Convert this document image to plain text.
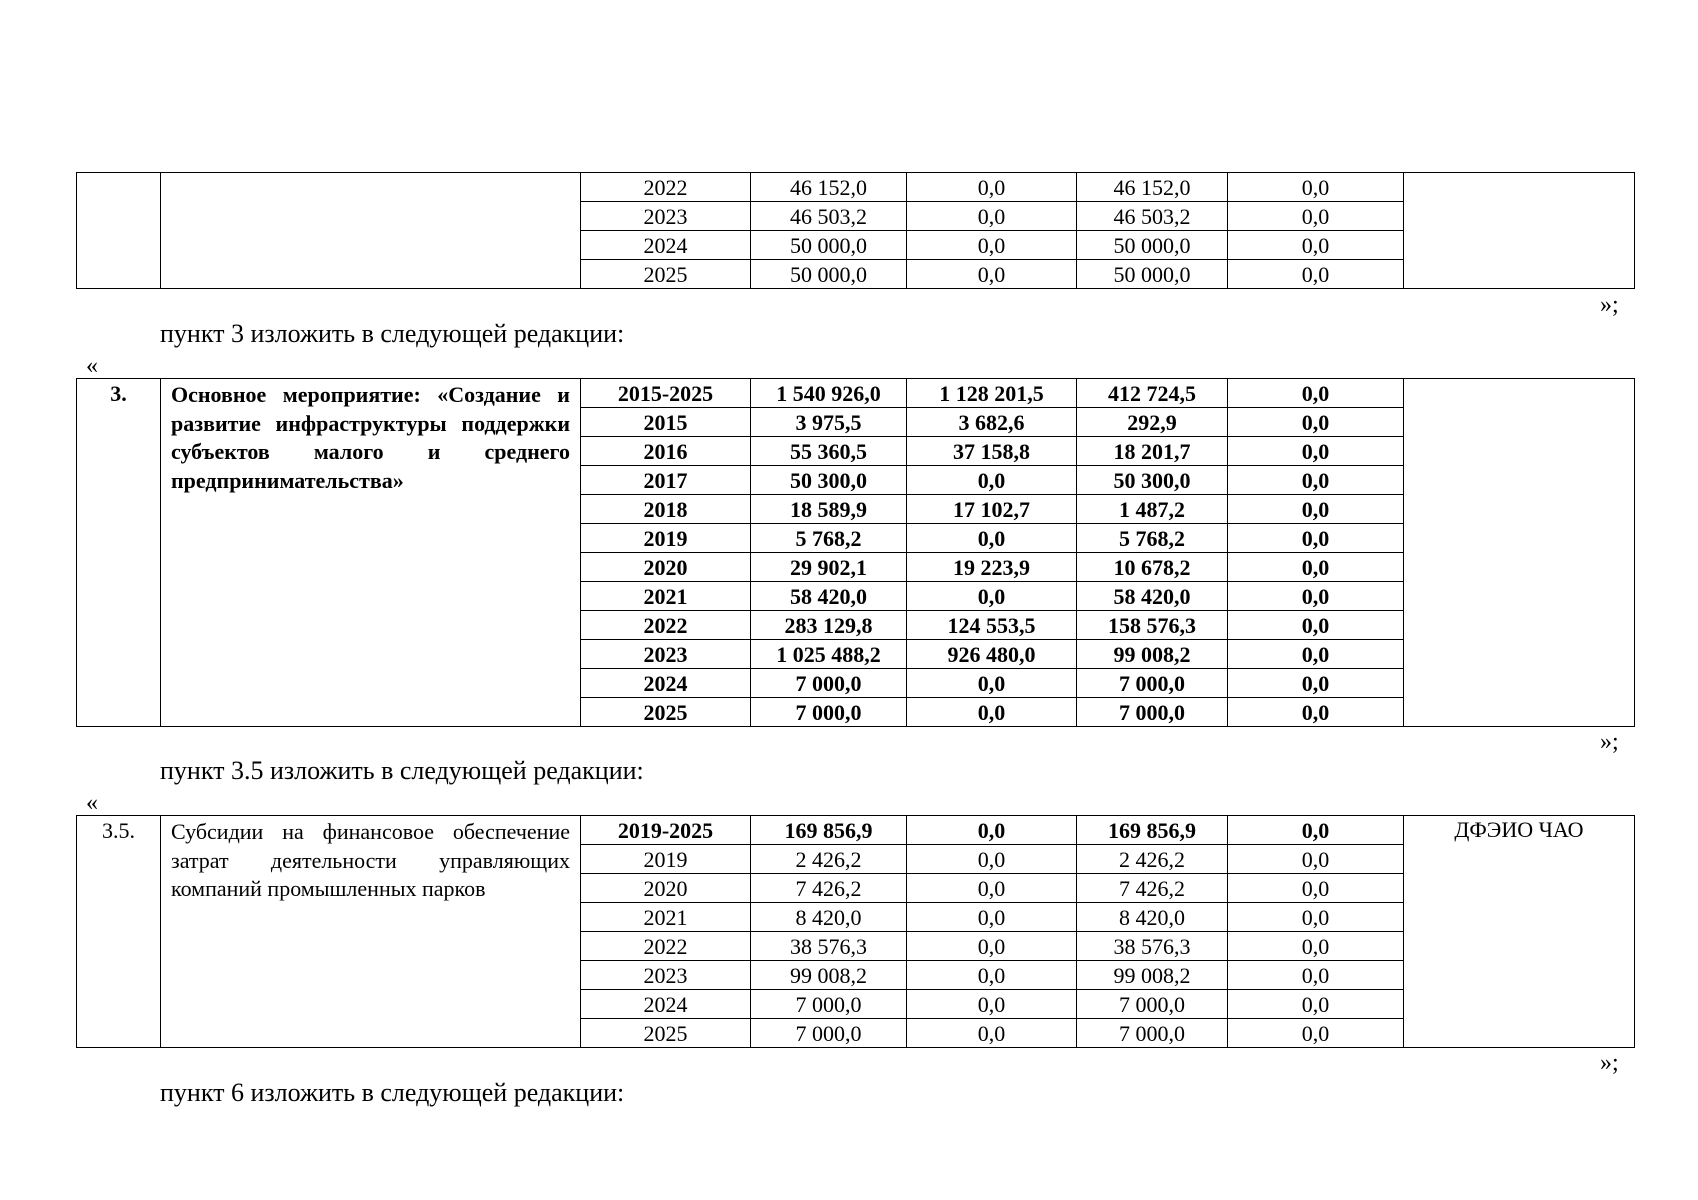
		2022	46 152,0	0,0	46 152,0	0,0	
		2023	46 503,2	0,0	46 503,2	0,0	
		2024	50 000,0	0,0	50 000,0	0,0	
		2025	50 000,0	0,0	50 000,0	0,0	
»;
пункт 3 изложить в следующей редакции:
«
3.	Основное мероприятие: «Создание и развитие инфраструктуры поддержки субъектов малого и среднего предпринимательства»	2015-2025	1 540 926,0	1 128 201,5	412 724,5	0,0	
		2015	3 975,5	3 682,6	292,9	0,0	
		2016	55 360,5	37 158,8	18 201,7	0,0	
		2017	50 300,0	0,0	50 300,0	0,0	
		2018	18 589,9	17 102,7	1 487,2	0,0	
		2019	5 768,2	0,0	5 768,2	0,0	
		2020	29 902,1	19 223,9	10 678,2	0,0	
		2021	58 420,0	0,0	58 420,0	0,0	
		2022	283 129,8	124 553,5	158 576,3	0,0	
		2023	1 025 488,2	926 480,0	99 008,2	0,0	
		2024	7 000,0	0,0	7 000,0	0,0	
		2025	7 000,0	0,0	7 000,0	0,0	
»;
пункт 3.5 изложить в следующей редакции:
«
3.5.	Субсидии на финансовое обеспечение затрат деятельности управляющих компаний промышленных парков	2019-2025	169 856,9	0,0	169 856,9	0,0	ДФЭИО ЧАО
		2019	2 426,2	0,0	2 426,2	0,0	
		2020	7 426,2	0,0	7 426,2	0,0	
		2021	8 420,0	0,0	8 420,0	0,0	
		2022	38 576,3	0,0	38 576,3	0,0	
		2023	99 008,2	0,0	99 008,2	0,0	
		2024	7 000,0	0,0	7 000,0	0,0	
		2025	7 000,0	0,0	7 000,0	0,0	
»;
пункт 6 изложить в следующей редакции:
